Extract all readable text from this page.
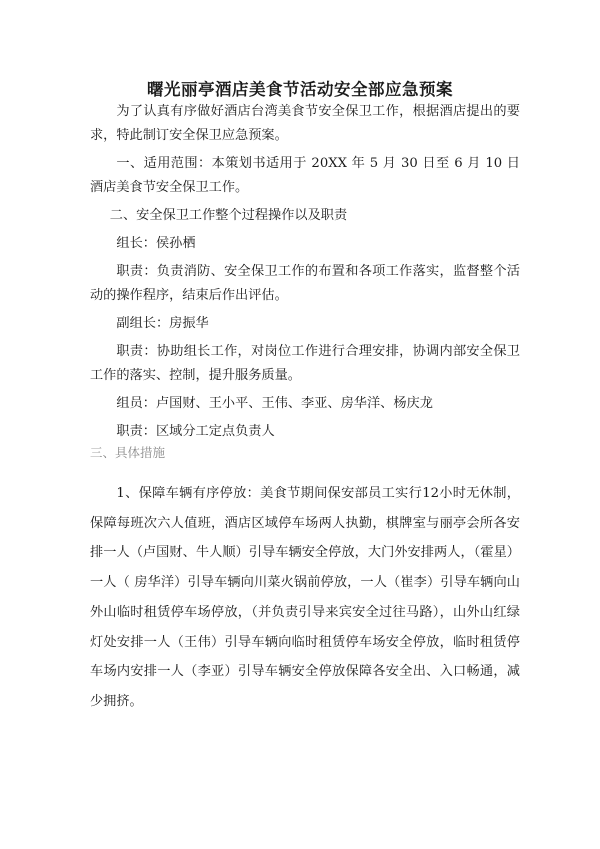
曙光丽亭酒店美食节活动安全部应急预案

为了认真有序做好酒店台湾美食节安全保卫工作，根据酒店提出的要求，特此制订安全保卫应急预案。

一、适用范围：本策划书适用于 20XX 年 5 月 30 日至 6 月 10 日酒店美食节安全保卫工作。

二、安全保卫工作整个过程操作以及职责

组长：侯孙栖

职责：负责消防、安全保卫工作的布置和各项工作落实，监督整个活动的操作程序，结束后作出评估。

副组长：房振华

职责：协助组长工作，对岗位工作进行合理安排，协调内部安全保卫工作的落实、控制，提升服务质量。

组员：卢国财、王小平、王伟、李亚、房华洋、杨庆龙

职责：区域分工定点负责人

三、具体措施

1、保障车辆有序停放：美食节期间保安部员工实行12小时无休制，保障每班次六人值班，酒店区域停车场两人执勤，棋牌室与丽亭会所各安排一人（卢国财、牛人顺）引导车辆安全停放，大门外安排两人，（霍星）一人（ 房华洋）引导车辆向川菜火锅前停放，一人（崔李）引导车辆向山外山临时租赁停车场停放，（并负责引导来宾安全过往马路），山外山红绿灯处安排一人（王伟）引导车辆向临时租赁停车场安全停放，临时租赁停车场内安排一人（李亚）引导车辆安全停放保障各安全出、入口畅通，减少拥挤。
